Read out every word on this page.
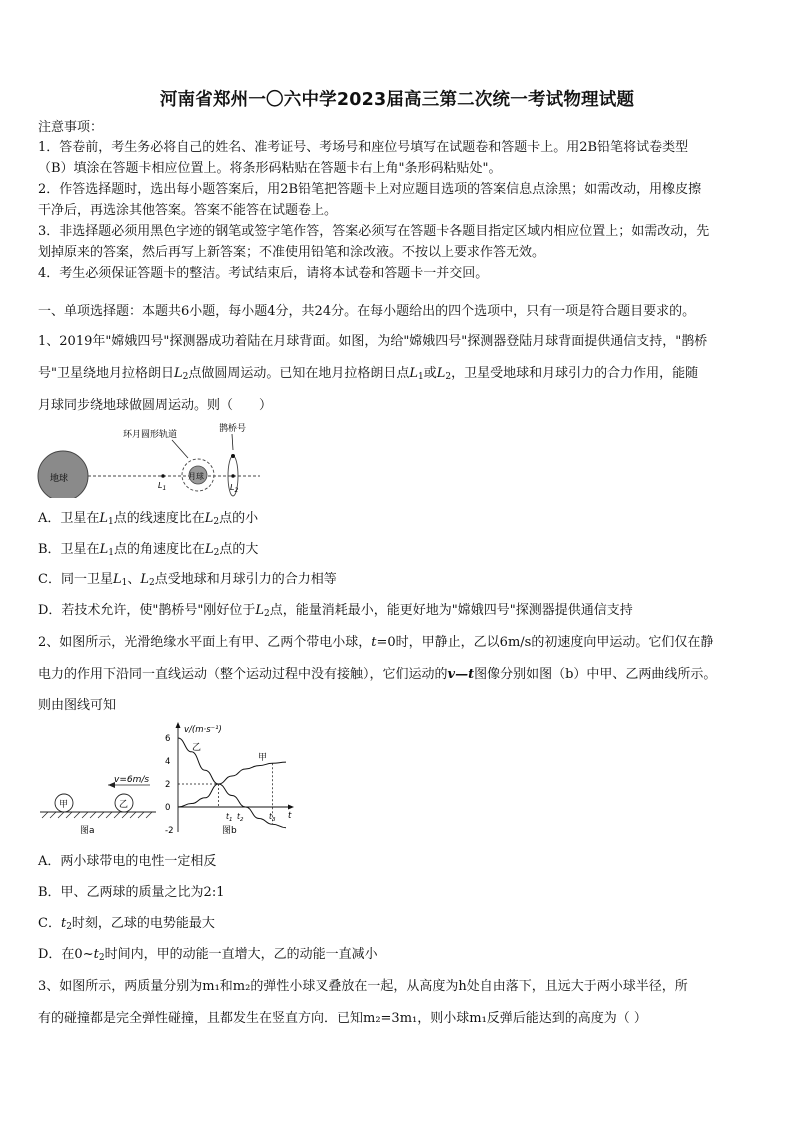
河南省郑州一〇六中学2023届高三第二次统一考试物理试题
注意事项：
1．答卷前，考生务必将自己的姓名、准考证号、考场号和座位号填写在试题卷和答题卡上。用2B铅笔将试卷类型
（B）填涂在答题卡相应位置上。将条形码粘贴在答题卡右上角"条形码粘贴处"。
2．作答选择题时，选出每小题答案后，用2B铅笔把答题卡上对应题目选项的答案信息点涂黑；如需改动，用橡皮擦
干净后，再选涂其他答案。答案不能答在试题卷上。
3．非选择题必须用黑色字迹的钢笔或签字笔作答，答案必须写在答题卡各题目指定区域内相应位置上；如需改动，先
划掉原来的答案，然后再写上新答案；不准使用铅笔和涂改液。不按以上要求作答无效。
4．考生必须保证答题卡的整洁。考试结束后，请将本试卷和答题卡一并交回。
一、单项选择题：本题共6小题，每小题4分，共24分。在每小题给出的四个选项中，只有一项是符合题目要求的。
1、2019年"嫦娥四号"探测器成功着陆在月球背面。如图，为给"嫦娥四号"探测器登陆月球背面提供通信支持，"鹊桥
号"卫星绕地月拉格朗日$L_2$点做圆周运动。已知在地月拉格朗日点$L_1$或$L_2$，卫星受地球和月球引力的合力作用，能随
月球同步绕地球做圆周运动。则（　　）
环月圆形轨道
鹊桥号
地球
$L_1$
月球
$L_2$
A．卫星在$L_1$点的线速度比在$L_2$点的小
B．卫星在$L_1$点的角速度比在$L_2$点的大
C．同一卫星$L_1$、$L_2$点受地球和月球引力的合力相等
D．若技术允许，使"鹊桥号"刚好位于$L_2$点，能量消耗最小，能更好地为"嫦娥四号"探测器提供通信支持
2、如图所示，光滑绝缘水平面上有甲、乙两个带电小球，t=0时，甲静止，乙以6m/s的初速度向甲运动。它们仅在静
电力的作用下沿同一直线运动（整个运动过程中没有接触），它们运动的v—t图像分别如图（b）中甲、乙两曲线所示。
则由图线可知
v=6m/s
甲	乙
图a
v/(m·s⁻¹)
t
-2
0
2
4
6
乙
甲
$t_1$ $t_2$	$t_3$
图b
A．两小球带电的电性一定相反
B．甲、乙两球的质量之比为2:1
C．$t_2$时刻，乙球的电势能最大
D．在$0\sim t_2$时间内，甲的动能一直增大，乙的动能一直减小
3、如图所示，两质量分别为m₁和m₂的弹性小球叉叠放在一起，从高度为h处自由落下，且远大于两小球半径，所
有的碰撞都是完全弹性碰撞，且都发生在竖直方向．已知m₂=3m₁，则小球m₁反弹后能达到的高度为（ ）
